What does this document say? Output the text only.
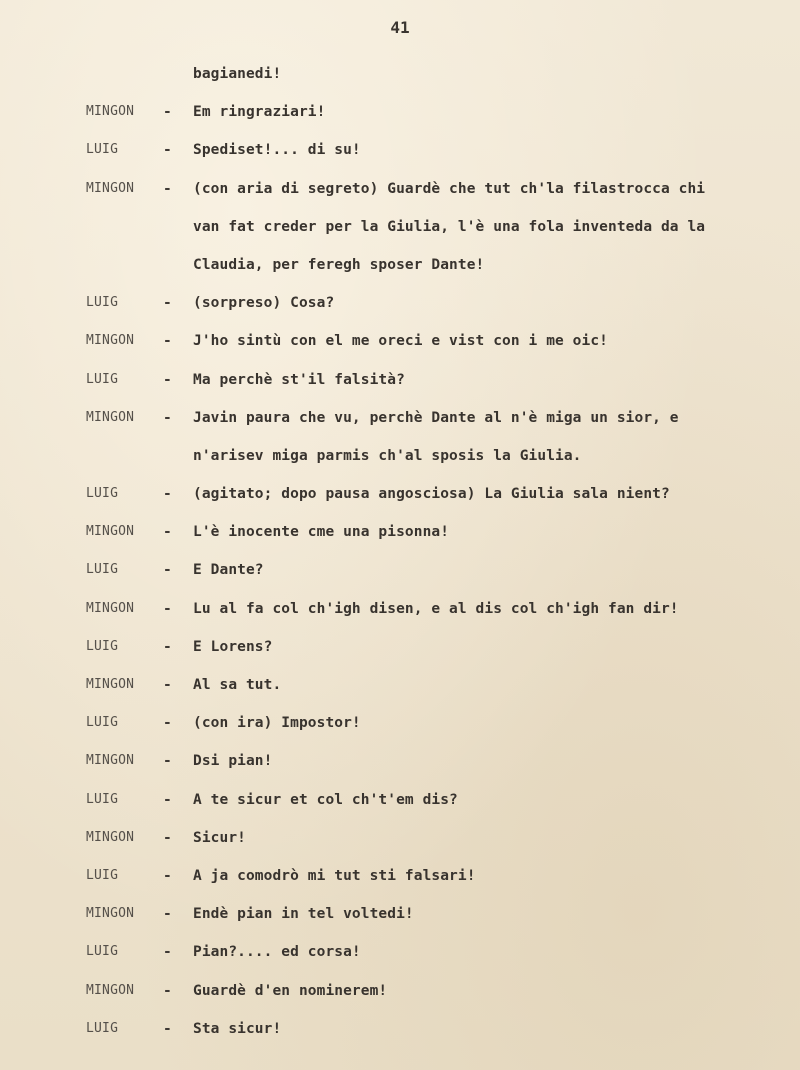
41
bagianedi!
MINGON - Em ringraziari!
LUIG	- Spediset!... di su!
MINGON - (con aria di segreto) Guardè che tut ch'la filastrocca chi
van fat creder per la Giulia, l'è una fola inventeda da la
Claudia, per feregh sposer Dante!
LUIG	- (sorpreso) Cosa?
MINGON - J'ho sintù con el me oreci e vist con i me oic!
LUIG	- Ma perchè st'il falsità?
MINGON - Javin paura che vu, perchè Dante al n'è miga un sior, e
n'arisev miga parmis ch'al sposis la Giulia.
LUIG	- (agitato; dopo pausa angosciosa) La Giulia sala nient?
MINGON - L'è inocente cme una pisonna!
LUIG	- E Dante?
MINGON - Lu al fa col ch'igh disen, e al dis col ch'igh fan dir!
LUIG	- E Lorens?
MINGON - Al sa tut.
LUIG	- (con ira) Impostor!
MINGON - Dsi pian!
LUIG	- A te sicur et col ch't'em dis?
MINGON - Sicur!
LUIG	- A ja comodrò mi tut sti falsari!
MINGON - Endè pian in tel voltedi!
LUIG	- Pian?.... ed corsa!
MINGON - Guardè d'en nominerem!
LUIG	- Sta sicur!
